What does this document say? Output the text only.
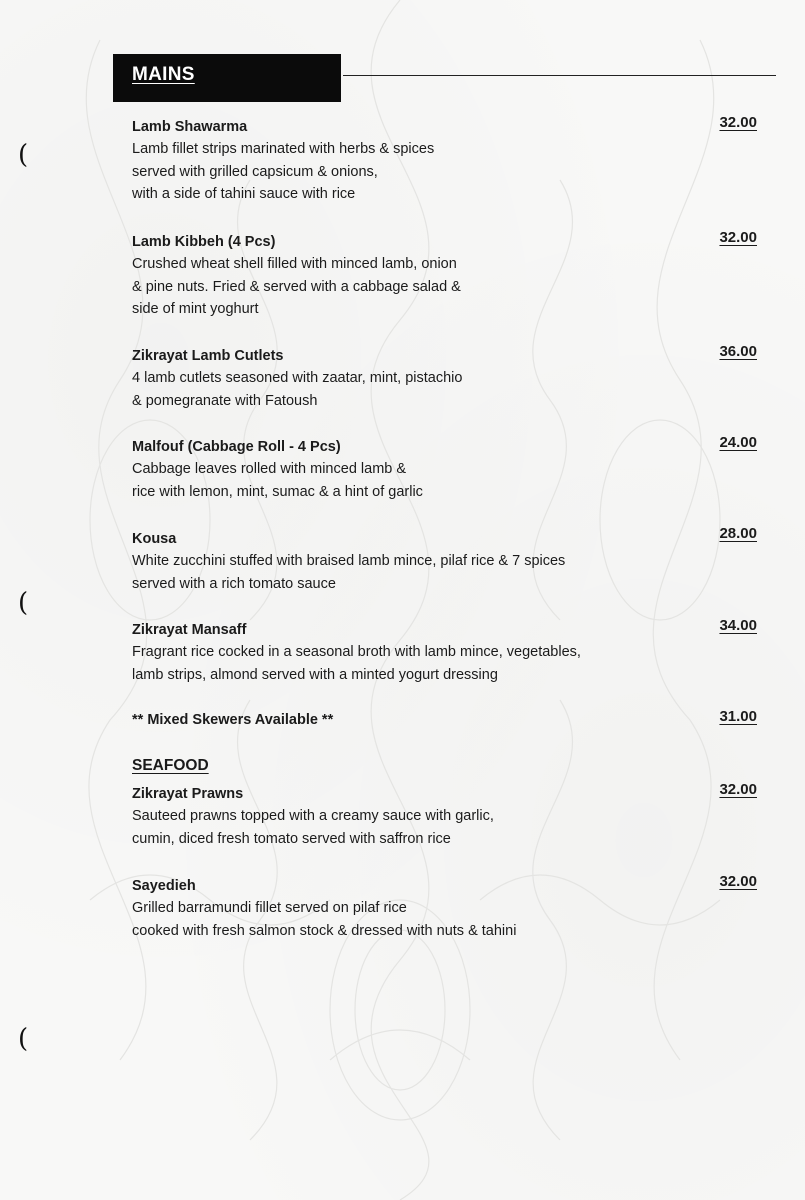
(
(
(
MAINS
Lamb Shawarma
Lamb fillet strips marinated with herbs & spices
served with grilled capsicum & onions,
with a side of tahini sauce with rice
32.00
Lamb Kibbeh (4 Pcs)
Crushed wheat shell filled with minced lamb, onion
& pine nuts. Fried & served with a cabbage salad &
side of mint yoghurt
32.00
Zikrayat Lamb Cutlets
4 lamb cutlets seasoned with zaatar, mint, pistachio
& pomegranate with Fatoush
36.00
Malfouf (Cabbage Roll - 4 Pcs)
Cabbage leaves rolled with minced lamb &
rice with lemon, mint, sumac & a hint of garlic
24.00
Kousa
White zucchini stuffed with braised lamb mince, pilaf rice & 7 spices
served with a rich tomato sauce
28.00
Zikrayat Mansaff
Fragrant rice cocked in a seasonal broth with lamb mince, vegetables,
lamb strips, almond served with a minted yogurt dressing
34.00
** Mixed Skewers Available **	31.00
SEAFOOD
Zikrayat Prawns
Sauteed prawns topped with a creamy sauce with garlic,
cumin, diced fresh tomato served with saffron rice
32.00
Sayedieh
Grilled barramundi fillet served on pilaf rice
cooked with fresh salmon stock & dressed with nuts & tahini
32.00
